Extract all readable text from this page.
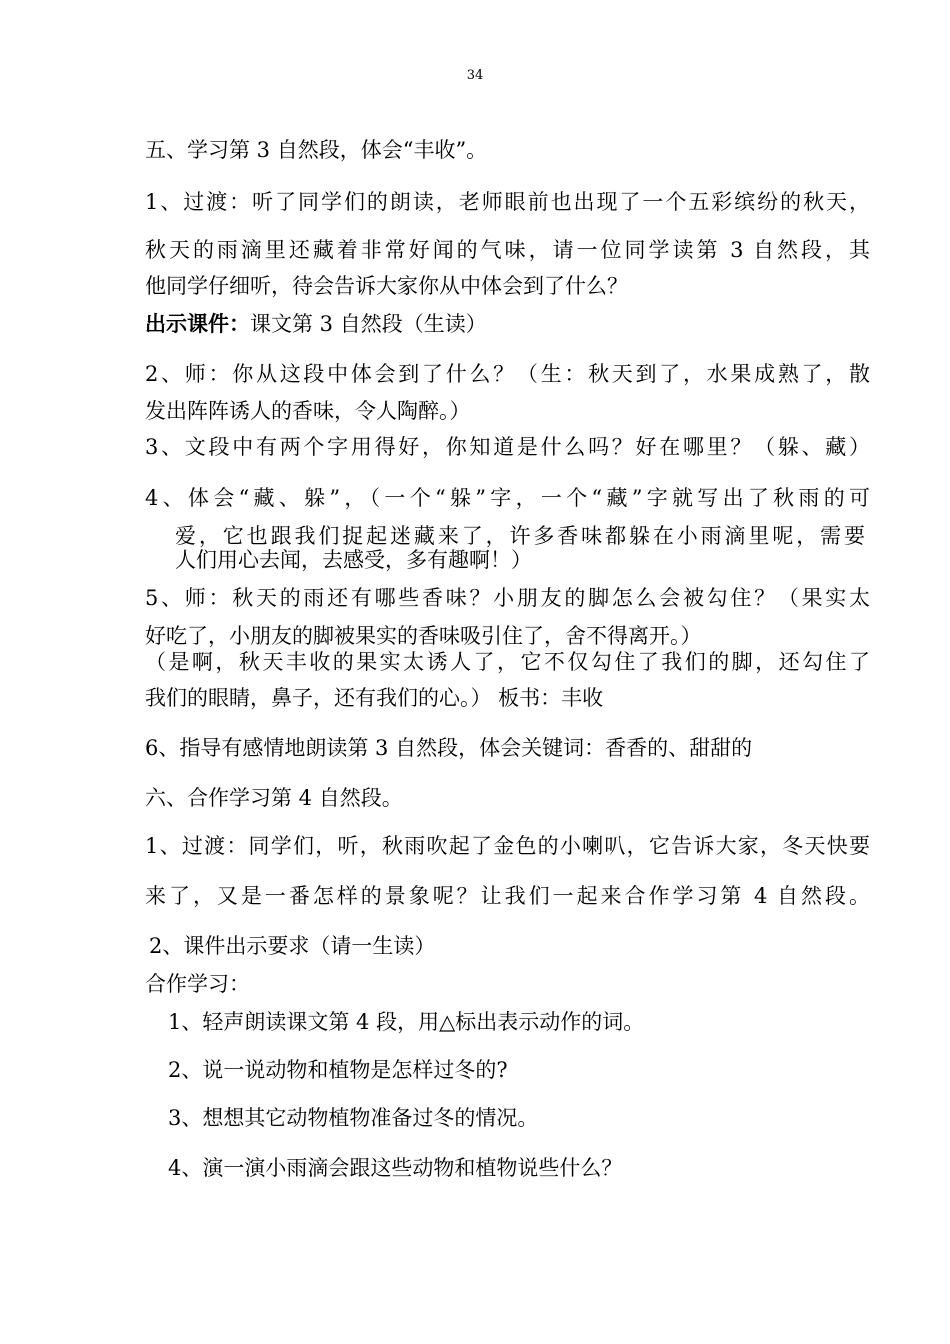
34
五、学习第 3 自然段，体会“丰收”。
1、过渡：听了同学们的朗读，老师眼前也出现了一个五彩缤纷的秋天，
秋天的雨滴里还藏着非常好闻的气味，请一位同学读第 3 自然段，其
他同学仔细听，待会告诉大家你从中体会到了什么？
出示课件：课文第 3 自然段（生读）
2、师：你从这段中体会到了什么？（生：秋天到了，水果成熟了，散
发出阵阵诱人的香味，令人陶醉。）
3、文段中有两个字用得好，你知道是什么吗？好在哪里？（躲、藏）
4、体会“藏、躲”，（一个“躲”字，一个“藏”字就写出了秋雨的可
爱，它也跟我们捉起迷藏来了，许多香味都躲在小雨滴里呢，需要
人们用心去闻，去感受，多有趣啊！）
5、师：秋天的雨还有哪些香味？小朋友的脚怎么会被勾住？（果实太
好吃了，小朋友的脚被果实的香味吸引住了，舍不得离开。）
（是啊，秋天丰收的果实太诱人了，它不仅勾住了我们的脚，还勾住了
我们的眼睛，鼻子，还有我们的心。） 板书：丰收
6、指导有感情地朗读第 3 自然段，体会关键词：香香的、甜甜的
六、合作学习第 4 自然段。
1、过渡：同学们，听，秋雨吹起了金色的小喇叭，它告诉大家，冬天快要
来了，又是一番怎样的景象呢？让我们一起来合作学习第 4 自然段。
2、课件出示要求（请一生读）
合作学习：
1、轻声朗读课文第 4 段，用△标出表示动作的词。
2、说一说动物和植物是怎样过冬的?
3、想想其它动物植物准备过冬的情况。
4、演一演小雨滴会跟这些动物和植物说些什么？
